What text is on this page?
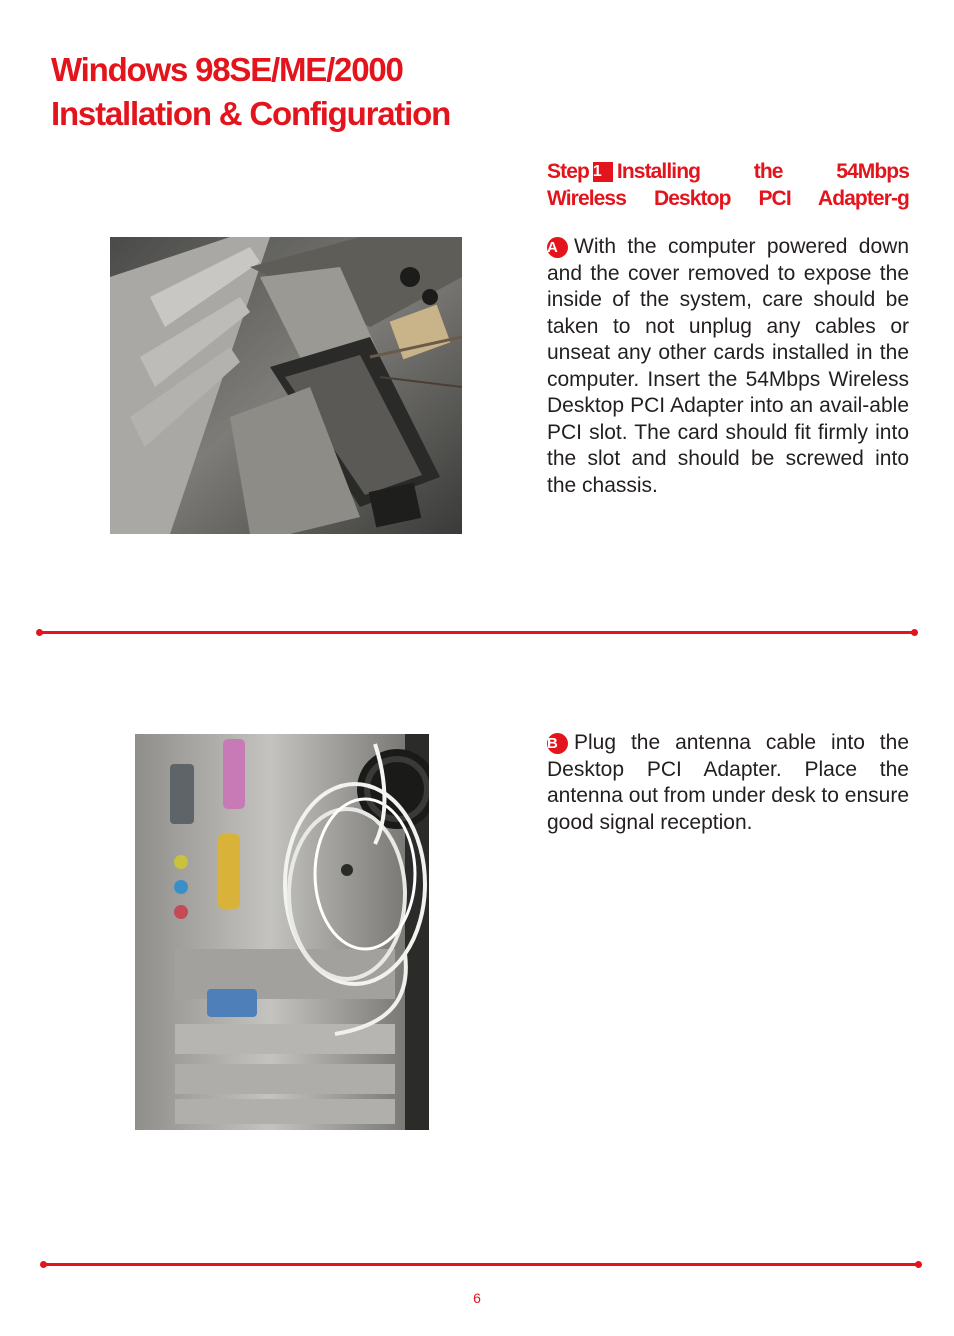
Windows 98SE/ME/2000
Installation & Configuration
Step 1 Installing the 54Mbps
Wireless Desktop PCI Adapter-g

A With the computer powered down and the cover removed to expose the inside of the system, care should be taken to not unplug any cables or unseat any other cards installed in the computer. Insert the 54Mbps Wireless Desktop PCI Adapter into an avail-able PCI slot. The card should fit firmly into the slot and should be screwed into the chassis.

B Plug the antenna cable into the Desktop PCI Adapter. Place the antenna out from under desk to ensure good signal reception.

6
